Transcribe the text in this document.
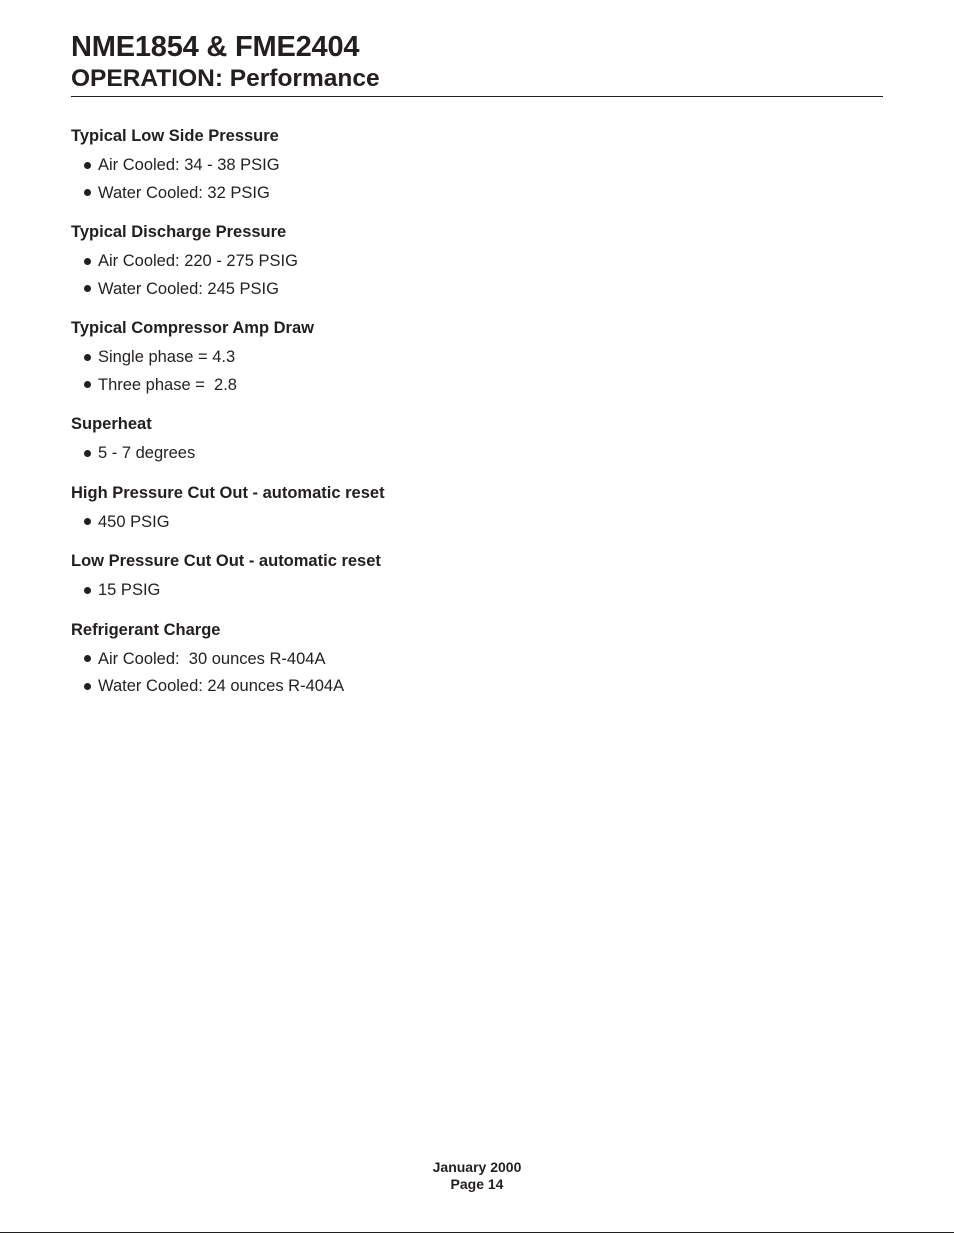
NME1854 & FME2404
OPERATION: Performance
Typical Low Side Pressure
Air Cooled: 34 - 38 PSIG
Water Cooled: 32 PSIG
Typical Discharge Pressure
Air Cooled: 220 - 275 PSIG
Water Cooled: 245 PSIG
Typical Compressor Amp Draw
Single phase = 4.3
Three phase =  2.8
Superheat
5 - 7 degrees
High Pressure Cut Out - automatic reset
450 PSIG
Low Pressure Cut Out - automatic reset
15 PSIG
Refrigerant Charge
Air Cooled:  30 ounces R-404A
Water Cooled: 24 ounces R-404A
January 2000
Page 14
